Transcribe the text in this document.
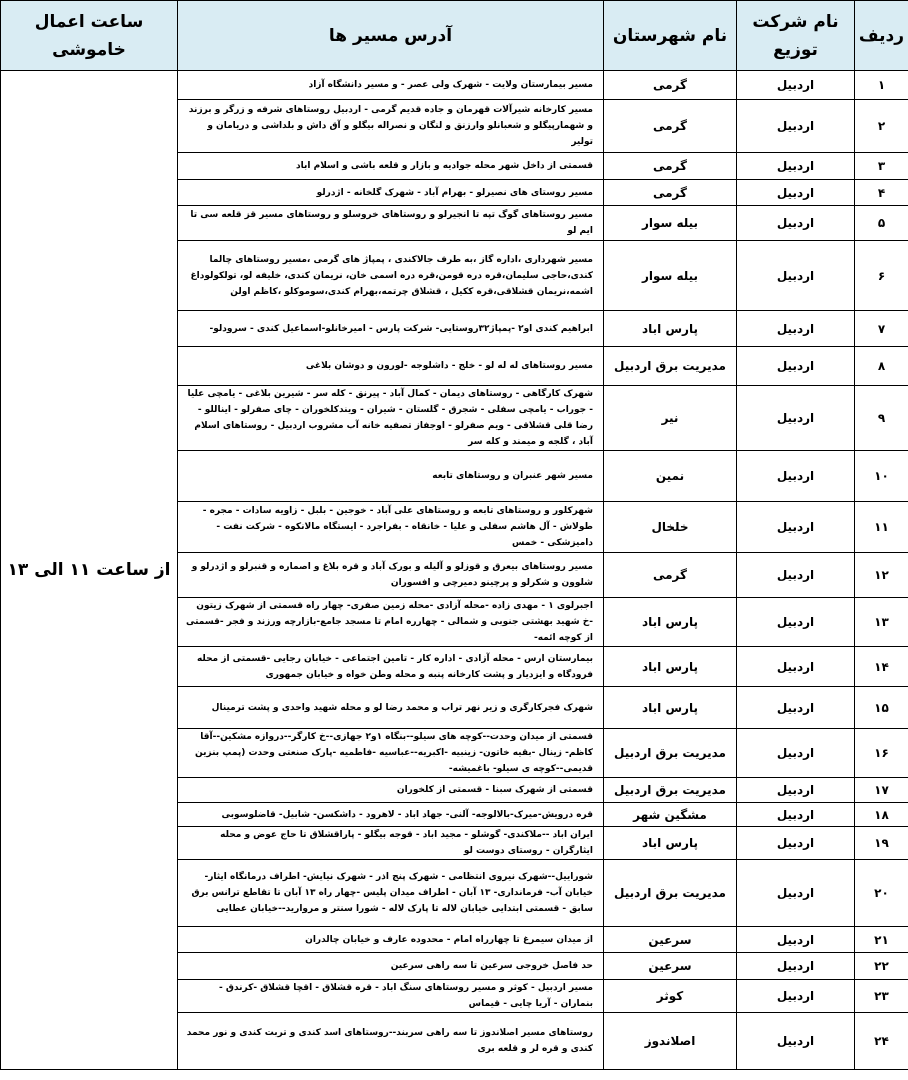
ردیف	نام شرکت توزیع	نام شهرستان	آدرس مسیر ها	ساعت اعمال خاموشی
۱	اردبیل	گرمی	مسیر بیمارستان ولایت - شهرک ولی عصر - و مسیر دانشگاه آزاد	از ساعت ۱۱ الی ۱۳
۲	اردبیل	گرمی	مسیر کارخانه شیرآلات قهرمان و جاده قدیم گرمی - اردبیل روستاهای شرفه و زرگر و برزند و شهمارپیگلو و شعبانلو وارزنق و لنگان و نصراله بیگلو و آق داش و بلداشی و دریامان و تولیر	
۳	اردبیل	گرمی	قسمتی از داخل شهر محله جوادیه و بازار و قلعه باشی و اسلام اباد	
۴	اردبیل	گرمی	مسیر روستای های نصیرلو - بهرام آباد - شهرک گلخانه - اژدرلو	
۵	اردبیل	بیله سوار	مسیر روستاهای گوگ تپه تا انجیرلو و روستاهای خروسلو و روستاهای مسیر قز قلعه سی تا ایم لو	
۶	اردبیل	بیله سوار	مسیر شهرداری ،اداره گاز ،به طرف جالاکندی ، پمپاژ های گرمی ،مسیر روستاهای چالما کندی،حاجی سلیمان،قره دره قومن،قره دره اسمی خان، نریمان کندی، خلیفه لو، تولکولوداغ اشمه،نریمان قشلاقی،قره ککیل ، قشلاق چرتمه،بهرام کندی،سوموکلو ،کاظم اولن	
۷	اردبیل	پارس اباد	ابراهیم کندی او۲ -پمپاژ۳۲روستایی- شرکت پارس - امیرخانلو-اسماعیل کندی - سرودلو-	
۸	اردبیل	مدیریت برق اردبیل	مسیر روستاهای له له لو - خلج - داشلوجه -لورون و دوشان بلاغی	
۹	اردبیل	نیر	شهرک کارگاهی - روستاهای دیمان - کمال آباد - پیرنق - کله سر - شیرین بلاغی - یامچی علیا - جوراب - یامچی سفلی - شجرق - گلستان - شیران - ویندکلخوران - چای صفرلو - ایناللو - رضا قلی قشلاقی - ویم صفرلو - اوجفاز تصفیه خانه آب مشروب اردبیل - روستاهای اسلام آباد ، گلجه و میمند و کله سر	
۱۰	اردبیل	نمین	مسیر شهر عنبران و روستاهای تابعه	
۱۱	اردبیل	خلخال	شهرکلور و روستاهای تابعه و روستاهای علی آباد - خوجین - بلبل - زاویه سادات - مجره - طولاش - آل هاشم سفلی و علیا - خانقاه - بفراجرد - ایستگاه مالانکوه - شرکت نفت - دامیزشکی - خمس	
۱۲	اردبیل	گرمی	مسیر روستاهای بیعرق و قوزلو و آلیله و بورک آباد و قره بلاغ و اصماره و قنبرلو و اژدرلو و شلوون و شکرلو و پرچینو دمیرچی و افسوران	
۱۳	اردبیل	پارس اباد	اجبرلوی ۱ - مهدی زاده -محله آزادی -محله زمین صفری- چهار راه قسمتی از شهرک زیتون -خ شهید بهشتی جنوبی و شمالی - چهارره امام تا مسجد جامع-بازارچه ورزند و فجر -قسمتی از کوچه ائمه-	
۱۴	اردبیل	پارس اباد	بیمارستان ارس - محله آزادی - اداره کار - تامین اجتماعی - خیابان رجایی -قسمتی از محله فرودگاه و ایزدیار و پشت کارخانه پنبه و محله وطن خواه و خیابان جمهوری	
۱۵	اردبیل	پارس اباد	شهرک فجرکارگری و زیر نهر تراب و محمد رضا لو و محله شهید واحدی و پشت ترمینال	
۱۶	اردبیل	مدیریت برق اردبیل	قسمتی از میدان وحدت--کوچه های سیلو--بنگاه ۱و۲ جهازی--خ کارگر--دروازه مشکین--آقا کاظم- زینال -بقیه خاتون- زینبیه -اکبریه--عباسیه -فاطمیه -پارک صنعتی وحدت (پمپ بنزین قدیمی--کوچه ی سیلو- باغمیشه-	
۱۷	اردبیل	مدیریت برق اردبیل	قسمتی از شهرک سبنا - قسمتی از کلخوران	
۱۸	اردبیل	مشگین شهر	قره درویش-میرک-بالالوجه- آلنی- جهاد اباد - لاهرود - داشکسن- شابیل- قاضلوسوبی	
۱۹	اردبیل	پارس اباد	ایران اباد --ملاکندی- گوشلو - مجید اباد - قوجه بیگلو - پاراقشلاق تا حاج عوض و محله ایثارگران - روستای دوست لو	
۲۰	اردبیل	مدیریت برق اردبیل	شوراییل--شهرک نیروی انتظامی - شهرک پنج اذر - شهرک نیایش- اطراف درمانگاه ایثار- خیابان آب- فرمانداری- ۱۳ آبان - اطراف میدان پلیس -چهار راه ۱۳ آبان تا تقاطع ترانس برق سابق - قسمتی ابتدایی خیابان لاله تا پارک لاله - شورا سنتر و مروارید--خیابان عطایی	
۲۱	اردبیل	سرعین	از میدان سیمرغ تا چهارراه امام - محدوده عارف و خیابان چالدران	
۲۲	اردبیل	سرعین	حد فاصل خروجی سرعین تا سه راهی سرعین	
۲۳	اردبیل	کوثر	مسیر اردبیل - کوثر و مسیر روستاهای سنگ اباد - قره قشلاق - اقچا قشلاق -کرندق - بنماران - آریا چایی - قیماس	
۲۴	اردبیل	اصلاندوز	روستاهای مسیر اصلاندوز تا سه راهی سربند--روستاهای اسد کندی و تربت کندی و نور محمد کندی و قره لر و قلعه بری	
